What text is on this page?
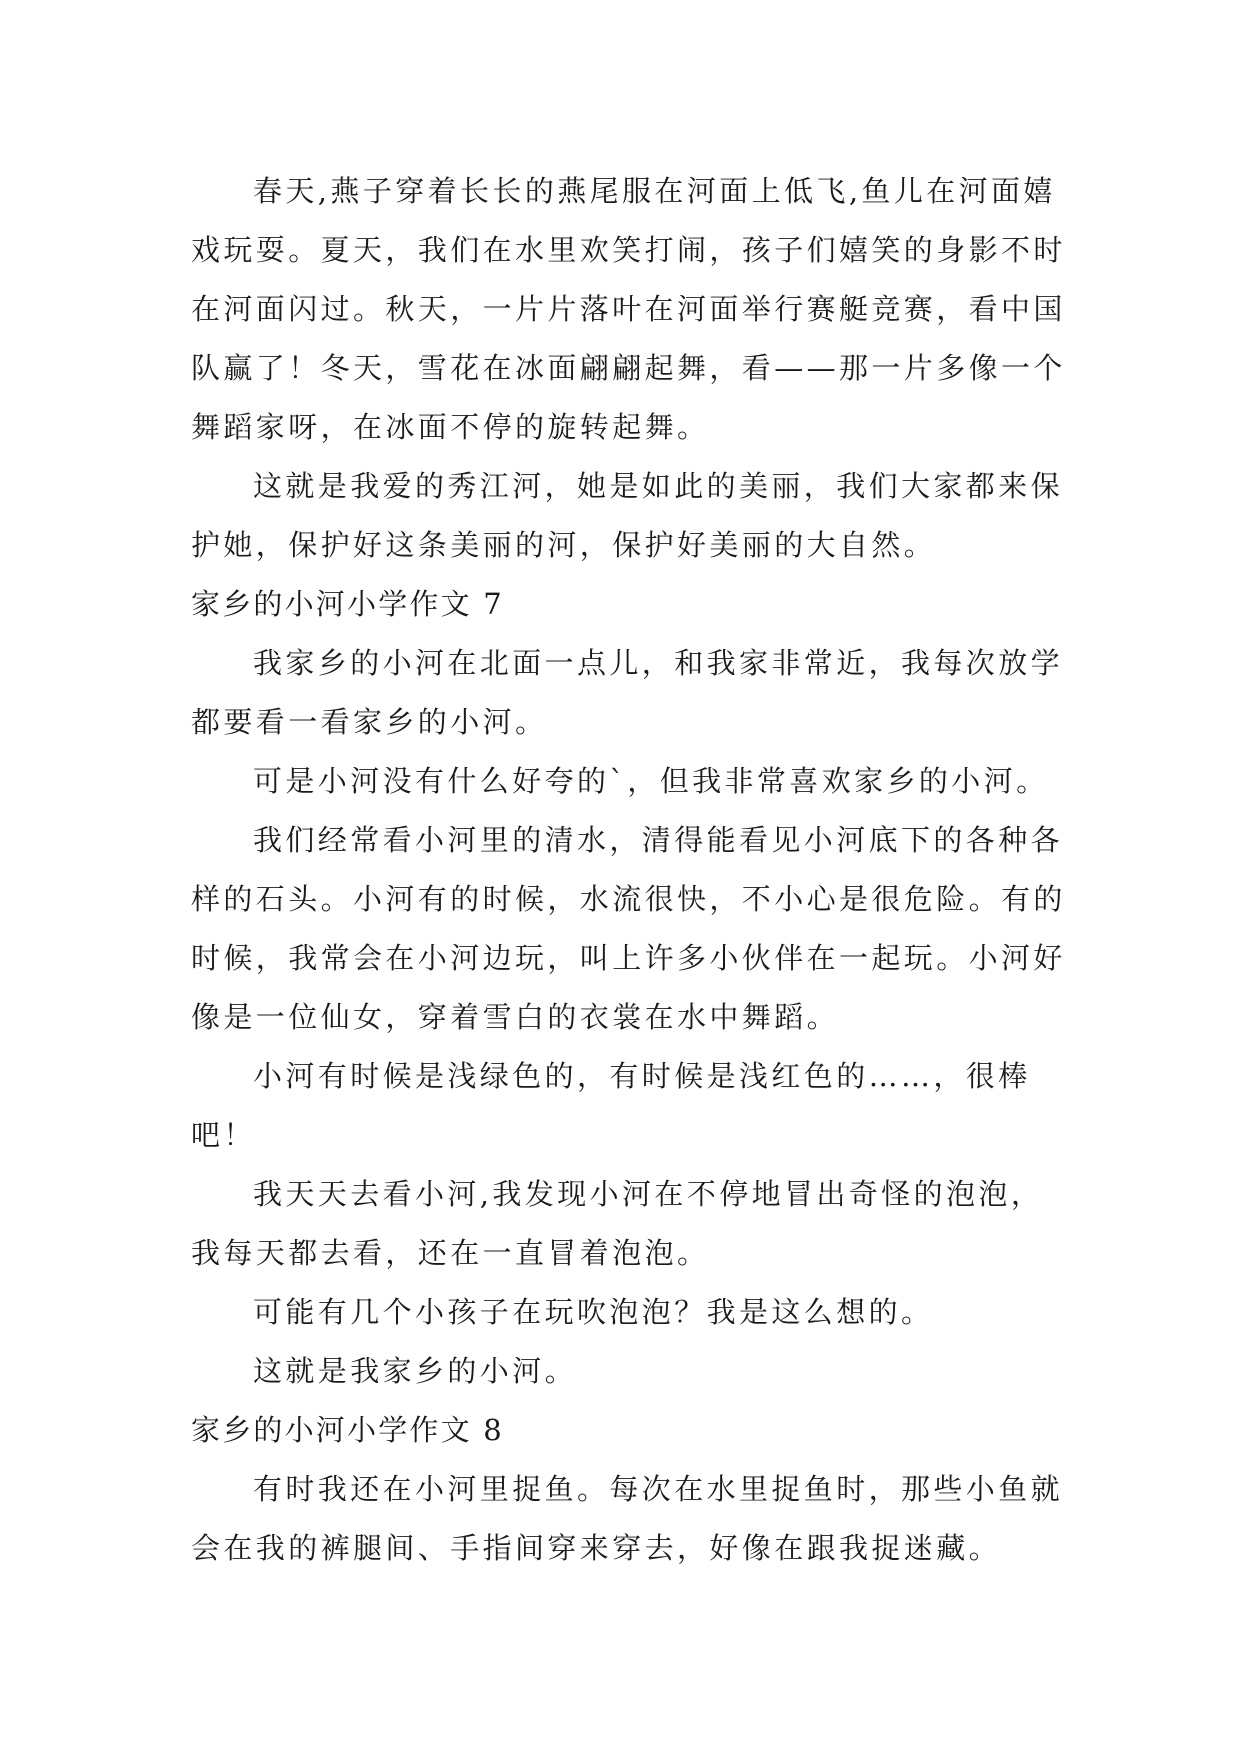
春天,燕子穿着长长的燕尾服在河面上低飞,鱼儿在河面嬉戏玩耍。夏天，我们在水里欢笑打闹，孩子们嬉笑的身影不时在河面闪过。秋天，一片片落叶在河面举行赛艇竞赛，看中国队赢了！冬天，雪花在冰面翩翩起舞，看——那一片多像一个舞蹈家呀，在冰面不停的旋转起舞。

这就是我爱的秀江河，她是如此的美丽，我们大家都来保护她，保护好这条美丽的河，保护好美丽的大自然。

家乡的小河小学作文 7

我家乡的小河在北面一点儿，和我家非常近，我每次放学都要看一看家乡的小河。

可是小河没有什么好夸的`，但我非常喜欢家乡的小河。

我们经常看小河里的清水，清得能看见小河底下的各种各样的石头。小河有的时候，水流很快，不小心是很危险。有的时候，我常会在小河边玩，叫上许多小伙伴在一起玩。小河好像是一位仙女，穿着雪白的衣裳在水中舞蹈。

小河有时候是浅绿色的，有时候是浅红色的……，很棒吧！

我天天去看小河,我发现小河在不停地冒出奇怪的泡泡，我每天都去看，还在一直冒着泡泡。

可能有几个小孩子在玩吹泡泡？我是这么想的。

这就是我家乡的小河。

家乡的小河小学作文 8

有时我还在小河里捉鱼。每次在水里捉鱼时，那些小鱼就会在我的裤腿间、手指间穿来穿去，好像在跟我捉迷藏。
